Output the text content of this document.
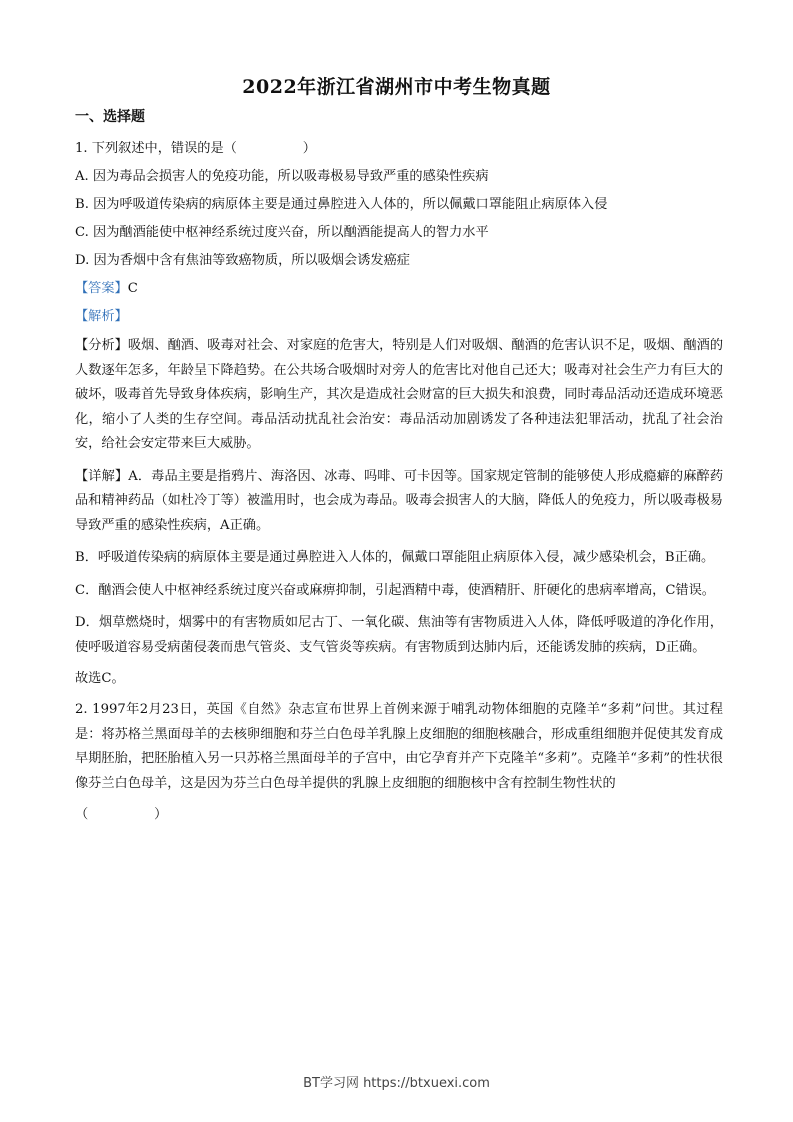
2022年浙江省湖州市中考生物真题
一、选择题
1. 下列叙述中，错误的是（　　　　　）
A. 因为毒品会损害人的免疫功能，所以吸毒极易导致严重的感染性疾病
B. 因为呼吸道传染病的病原体主要是通过鼻腔进入人体的，所以佩戴口罩能阻止病原体入侵
C. 因为酗酒能使中枢神经系统过度兴奋，所以酗酒能提高人的智力水平
D. 因为香烟中含有焦油等致癌物质，所以吸烟会诱发癌症
【答案】C
【解析】
【分析】吸烟、酗酒、吸毒对社会、对家庭的危害大，特别是人们对吸烟、酗酒的危害认识不足，吸烟、酗酒的人数逐年怎多，年龄呈下降趋势。在公共场合吸烟时对旁人的危害比对他自己还大；吸毒对社会生产力有巨大的破坏，吸毒首先导致身体疾病，影响生产，其次是造成社会财富的巨大损失和浪费，同时毒品活动还造成环境恶化，缩小了人类的生存空间。毒品活动扰乱社会治安：毒品活动加剧诱发了各种违法犯罪活动，扰乱了社会治安，给社会安定带来巨大威胁。
【详解】A．毒品主要是指鸦片、海洛因、冰毒、吗啡、可卡因等。国家规定管制的能够使人形成瘾癖的麻醉药品和精神药品（如杜冷丁等）被滥用时，也会成为毒品。吸毒会损害人的大脑，降低人的免疫力，所以吸毒极易导致严重的感染性疾病，A正确。
B．呼吸道传染病的病原体主要是通过鼻腔进入人体的，佩戴口罩能阻止病原体入侵，减少感染机会，B正确。
C．酗酒会使人中枢神经系统过度兴奋或麻痹抑制，引起酒精中毒，使酒精肝、肝硬化的患病率增高，C错误。
D．烟草燃烧时，烟雾中的有害物质如尼古丁、一氧化碳、焦油等有害物质进入人体，降低呼吸道的净化作用，使呼吸道容易受病菌侵袭而患气管炎、支气管炎等疾病。有害物质到达肺内后，还能诱发肺的疾病，D正确。
故选C。
2. 1997年2月23日，英国《自然》杂志宣布世界上首例来源于哺乳动物体细胞的克隆羊“多莉”问世。其过程是：将苏格兰黑面母羊的去核卵细胞和芬兰白色母羊乳腺上皮细胞的细胞核融合，形成重组细胞并促使其发育成早期胚胎，把胚胎植入另一只苏格兰黑面母羊的子宫中，由它孕育并产下克隆羊“多莉”。克隆羊“多莉”的性状很像芬兰白色母羊，这是因为芬兰白色母羊提供的乳腺上皮细胞的细胞核中含有控制生物性状的
（　　　　　）
BT学习网 https://btxuexi.com
